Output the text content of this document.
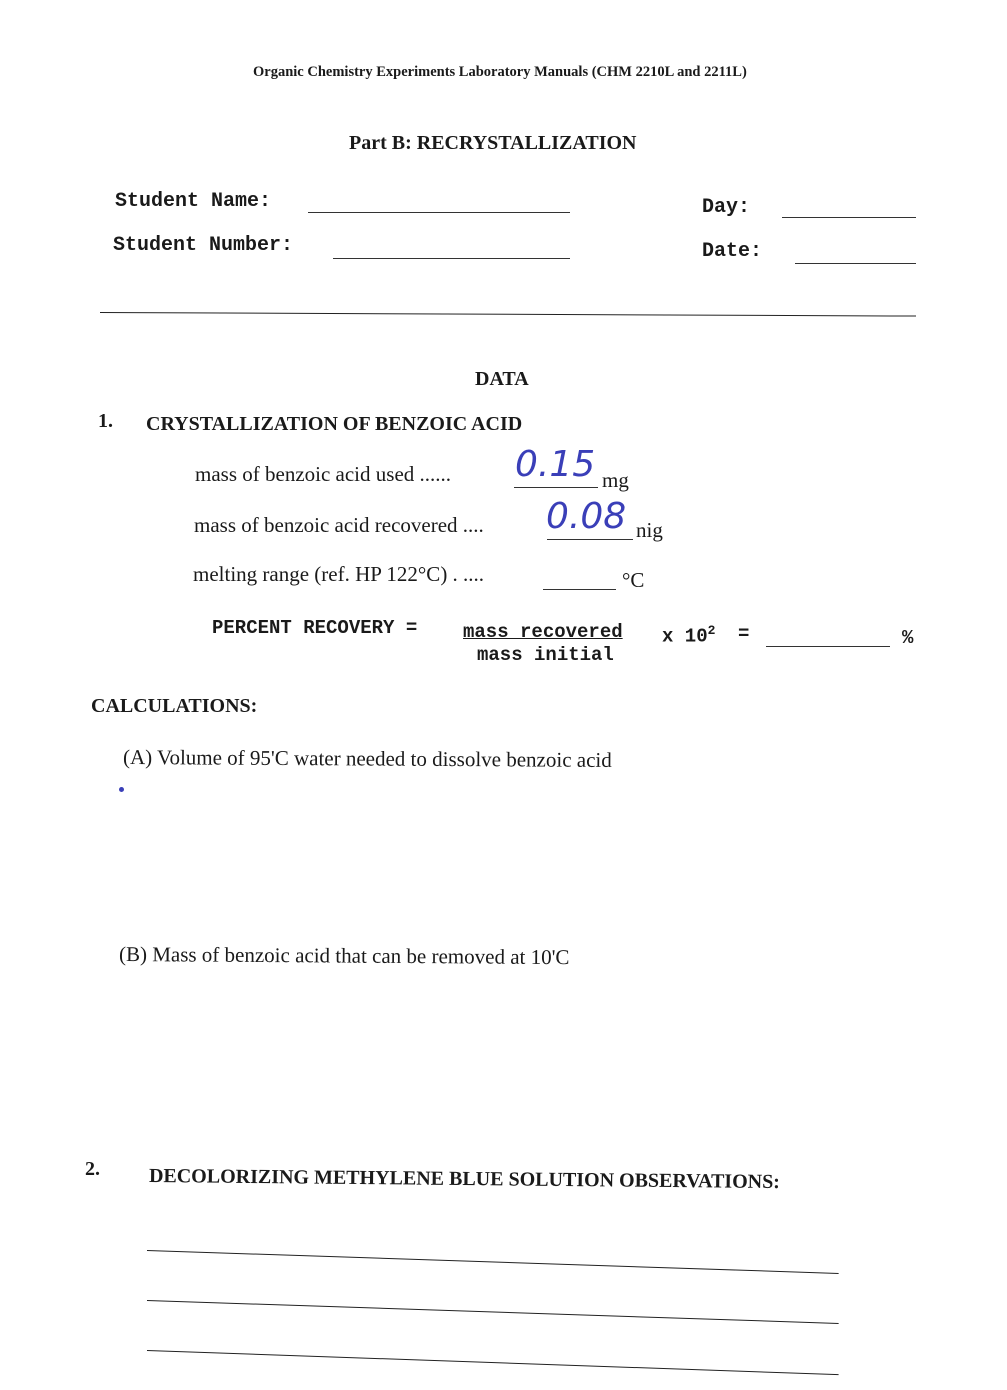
Organic Chemistry Experiments Laboratory Manuals (CHM 2210L and 2211L)
Part B: RECRYSTALLIZATION
Student Name:	Day:
Student Number:	Date:
DATA
1. CRYSTALLIZATION OF BENZOIC ACID
mass of benzoic acid used ...... 0.15 mg
mass of benzoic acid recovered .... 0.08 nig
melting range (ref. HP 122°C) . ....	°C
PERCENT RECOVERY = mass recovered
mass initial
x $10^2$ =	%
CALCULATIONS:
(A) Volume of 95'C water needed to dissolve benzoic acid
(B) Mass of benzoic acid that can be removed at 10'C
2. DECOLORIZING METHYLENE BLUE SOLUTION OBSERVATIONS:
